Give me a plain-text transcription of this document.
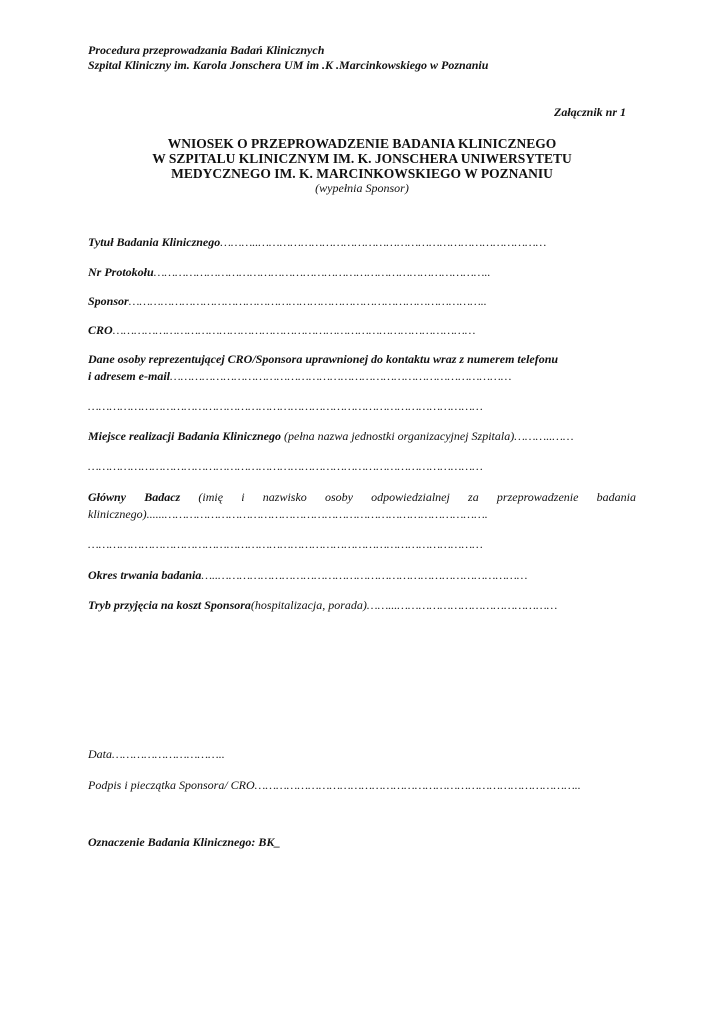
Procedura przeprowadzania Badań Klinicznych
Szpital Kliniczny im. Karola Jonschera UM im .K .Marcinkowskiego w Poznaniu
Załącznik nr 1
WNIOSEK O PRZEPROWADZENIE BADANIA KLINICZNEGO
W SZPITALU KLINICZNYM IM. K. JONSCHERA UNIWERSYTETU
MEDYCZNEGO IM. K. MARCINKOWSKIEGO W POZNANIU
(wypełnia Sponsor)
Tytuł Badania Klinicznego………..………………………………………………………………………
Nr Protokołu…………………………………………………………………………………..
Sponsor………………………………………………………………………………………..
CRO…………………………………………………………………………………………
Dane osoby reprezentującej CRO/Sponsora uprawnionej do kontaktu wraz z numerem telefonu
i adresem e-mail……………………………………………………………………………………
…………………………………………………………………………………………………
Miejsce realizacji Badania Klinicznego (pełna nazwa jednostki organizacyjnej Szpitala)………..……
…………………………………………………………………………………………………
Główny Badacz (imię i nazwisko osoby odpowiedzialnej za przeprowadzenie badania
klinicznego)......……………………………………………………………………………….
…………………………………………………………………………………………………
Okres trwania badania…..……………………………………………………………………………
Tryb przyjęcia na koszt Sponsora(hospitalizacja, porada)……...………………………………………
Data…………………………..
Podpis i pieczątka Sponsora/ CRO………………………………………………………………………………..
Oznaczenie Badania Klinicznego: BK_
